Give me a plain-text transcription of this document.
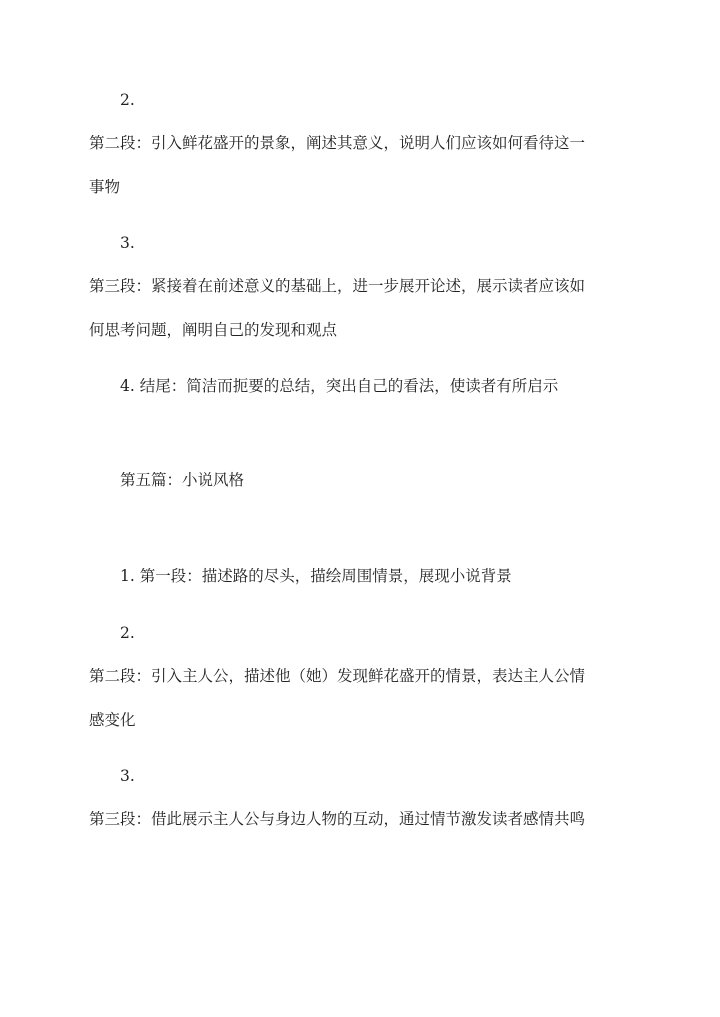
2.
第二段：引入鲜花盛开的景象，阐述其意义，说明人们应该如何看待这一
事物
3.
第三段：紧接着在前述意义的基础上，进一步展开论述，展示读者应该如
何思考问题，阐明自己的发现和观点
4. 结尾：简洁而扼要的总结，突出自己的看法，使读者有所启示
第五篇：小说风格
1. 第一段：描述路的尽头，描绘周围情景，展现小说背景
2.
第二段：引入主人公，描述他（她）发现鲜花盛开的情景，表达主人公情
感变化
3.
第三段：借此展示主人公与身边人物的互动，通过情节激发读者感情共鸣
